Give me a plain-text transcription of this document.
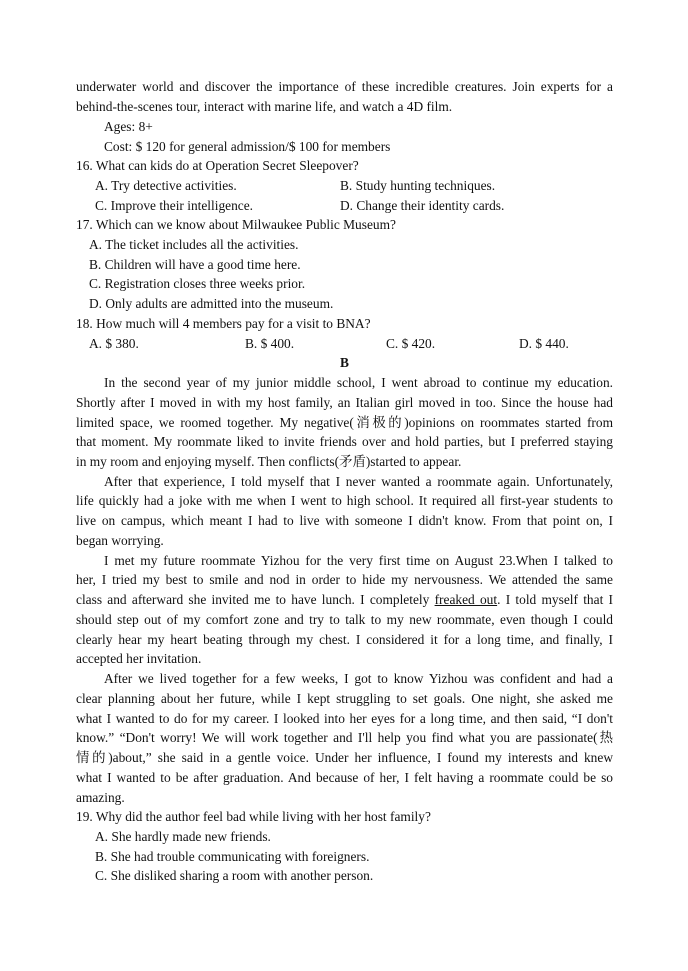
underwater world and discover the importance of these incredible creatures. Join experts for a
behind-the-scenes tour, interact with marine life, and watch a 4D film.
Ages: 8+
Cost: $ 120 for general admission/$ 100 for members
16. What can kids do at Operation Secret Sleepover?
A. Try detective activities.	B. Study hunting techniques.
C. Improve their intelligence.	D. Change their identity cards.
17. Which can we know about Milwaukee Public Museum?
A. The ticket includes all the activities.
B. Children will have a good time here.
C. Registration closes three weeks prior.
D. Only adults are admitted into the museum.
18. How much will 4 members pay for a visit to BNA?
A. $ 380.	B. $ 400.	C. $ 420.	D. $ 440.
B
In the second year of my junior middle school, I went abroad to continue my education.
Shortly after I moved in with my host family, an Italian girl moved in too. Since the house had
limited space, we roomed together. My negative(消极的)opinions on roommates started from
that moment. My roommate liked to invite friends over and hold parties, but I preferred staying
in my room and enjoying myself. Then conflicts(矛盾)started to appear.
After that experience, I told myself that I never wanted a roommate again. Unfortunately,
life quickly had a joke with me when I went to high school. It required all first-year students to
live on campus, which meant I had to live with someone I didn't know. From that point on, I
began worrying.
I met my future roommate Yizhou for the very first time on August 23.When I talked to
her, I tried my best to smile and nod in order to hide my nervousness. We attended the same
class and afterward she invited me to have lunch. I completely freaked out. I told myself that I
should step out of my comfort zone and try to talk to my new roommate, even though I could
clearly hear my heart beating through my chest. I considered it for a long time, and finally, I
accepted her invitation.
After we lived together for a few weeks, I got to know Yizhou was confident and had a
clear planning about her future, while I kept struggling to set goals. One night, she asked me
what I wanted to do for my career. I looked into her eyes for a long time, and then said, “I don't
know.” “Don't worry! We will work together and I'll help you find what you are passionate(热
情的)about,” she said in a gentle voice. Under her influence, I found my interests and knew
what I wanted to be after graduation. And because of her, I felt having a roommate could be so
amazing.
19. Why did the author feel bad while living with her host family?
A. She hardly made new friends.
B. She had trouble communicating with foreigners.
C. She disliked sharing a room with another person.
